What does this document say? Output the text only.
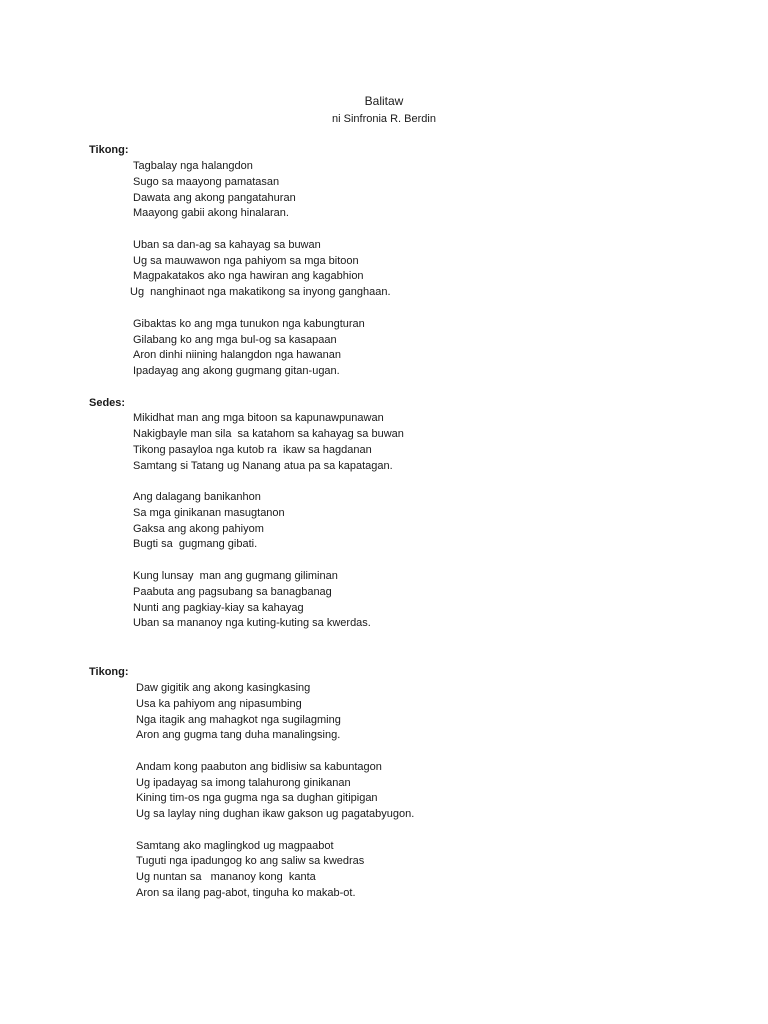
Balitaw

ni Sinfronia R. Berdin

Tikong:

Tagbalay nga halangdon

Sugo sa maayong pamatasan

Dawata ang akong pangatahuran

Maayong gabii akong hinalaran.

Uban sa dan-ag sa kahayag sa buwan

Ug sa mauwawon nga pahiyom sa mga bitoon

Magpakatakos ako nga hawiran ang kagabhion

Ug  nanghinaot nga makatikong sa inyong ganghaan.

Gibaktas ko ang mga tunukon nga kabungturan

Gilabang ko ang mga bul-og sa kasapaan

Aron dinhi niining halangdon nga hawanan

Ipadayag ang akong gugmang gitan-ugan.

Sedes:

Mikidhat man ang mga bitoon sa kapunawpunawan

Nakigbayle man sila  sa katahom sa kahayag sa buwan

Tikong pasayloa nga kutob ra  ikaw sa hagdanan

Samtang si Tatang ug Nanang atua pa sa kapatagan.

Ang dalagang banikanhon

Sa mga ginikanan masugtanon

Gaksa ang akong pahiyom

Bugti sa  gugmang gibati.

Kung lunsay  man ang gugmang giliminan

Paabuta ang pagsubang sa banagbanag

Nunti ang pagkiay-kiay sa kahayag

Uban sa mananoy nga kuting-kuting sa kwerdas.

Tikong:

Daw gigitik ang akong kasingkasing

Usa ka pahiyom ang nipasumbing

Nga itagik ang mahagkot nga sugilagming

Aron ang gugma tang duha manalingsing.

Andam kong paabuton ang bidlisiw sa kabuntagon

Ug ipadayag sa imong talahurong ginikanan

Kining tim-os nga gugma nga sa dughan gitipigan

Ug sa laylay ning dughan ikaw gakson ug pagatabyugon.

Samtang ako maglingkod ug magpaabot

Tuguti nga ipadungog ko ang saliw sa kwedras

Ug nuntan sa   mananoy kong  kanta

Aron sa ilang pag-abot, tinguha ko makab-ot.
